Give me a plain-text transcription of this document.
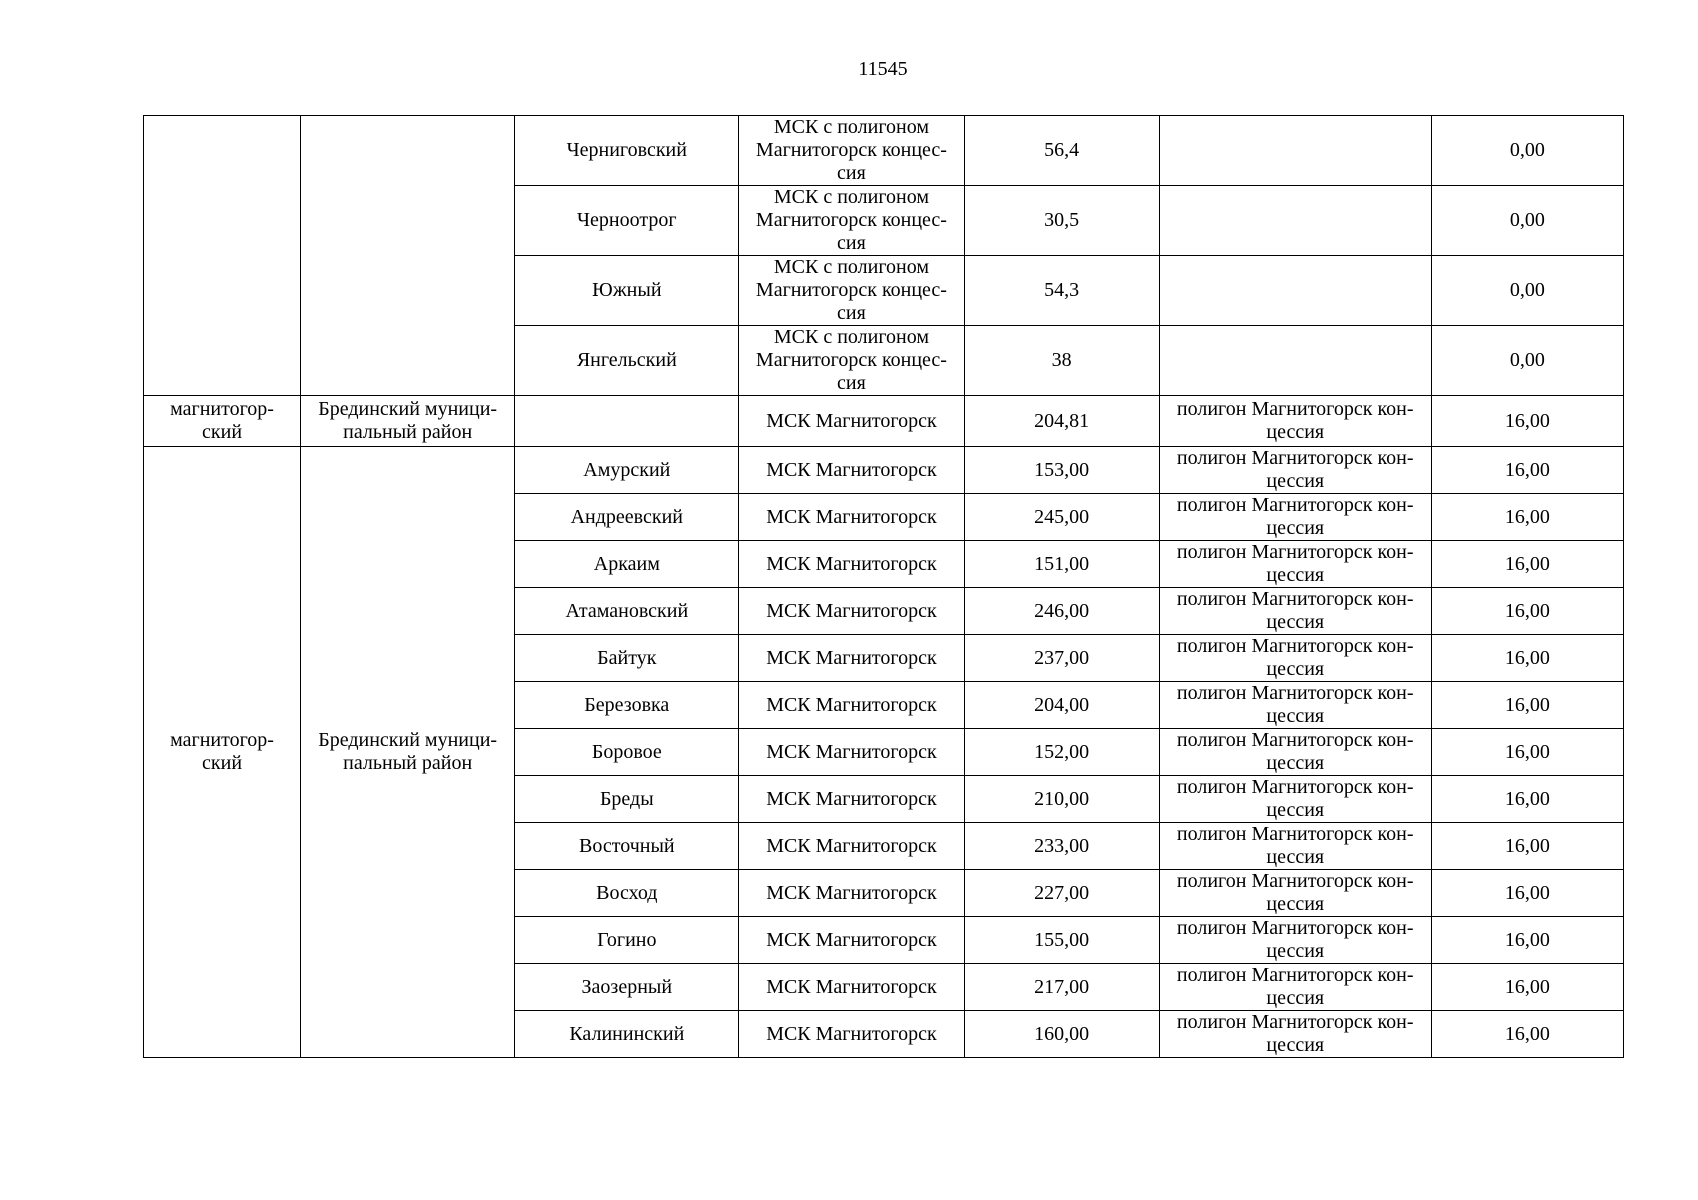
11545
		Черниговский	МСК с полигоном
Магнитогорск концес-
сия	56,4		0,00
		Черноотрог	МСК с полигоном
Магнитогорск концес-
сия	30,5		0,00
		Южный	МСК с полигоном
Магнитогорск концес-
сия	54,3		0,00
		Янгельский	МСК с полигоном
Магнитогорск концес-
сия	38		0,00

магнитогор-
ский	Брединский муници-
пальный район		МСК Магнитогорск	204,81	полигон Магнитогорск кон-
цессия	16,00

магнитогор-
ский	Брединский муници-
пальный район	Амурский	МСК Магнитогорск	153,00	полигон Магнитогорск кон-
цессия	16,00
		Андреевский	МСК Магнитогорск	245,00	полигон Магнитогорск кон-
цессия	16,00
		Аркаим	МСК Магнитогорск	151,00	полигон Магнитогорск кон-
цессия	16,00
		Атамановский	МСК Магнитогорск	246,00	полигон Магнитогорск кон-
цессия	16,00
		Байтук	МСК Магнитогорск	237,00	полигон Магнитогорск кон-
цессия	16,00
		Березовка	МСК Магнитогорск	204,00	полигон Магнитогорск кон-
цессия	16,00
		Боровое	МСК Магнитогорск	152,00	полигон Магнитогорск кон-
цессия	16,00
		Бреды	МСК Магнитогорск	210,00	полигон Магнитогорск кон-
цессия	16,00
		Восточный	МСК Магнитогорск	233,00	полигон Магнитогорск кон-
цессия	16,00
		Восход	МСК Магнитогорск	227,00	полигон Магнитогорск кон-
цессия	16,00
		Гогино	МСК Магнитогорск	155,00	полигон Магнитогорск кон-
цессия	16,00
		Заозерный	МСК Магнитогорск	217,00	полигон Магнитогорск кон-
цессия	16,00
		Калининский	МСК Магнитогорск	160,00	полигон Магнитогорск кон-
цессия	16,00
